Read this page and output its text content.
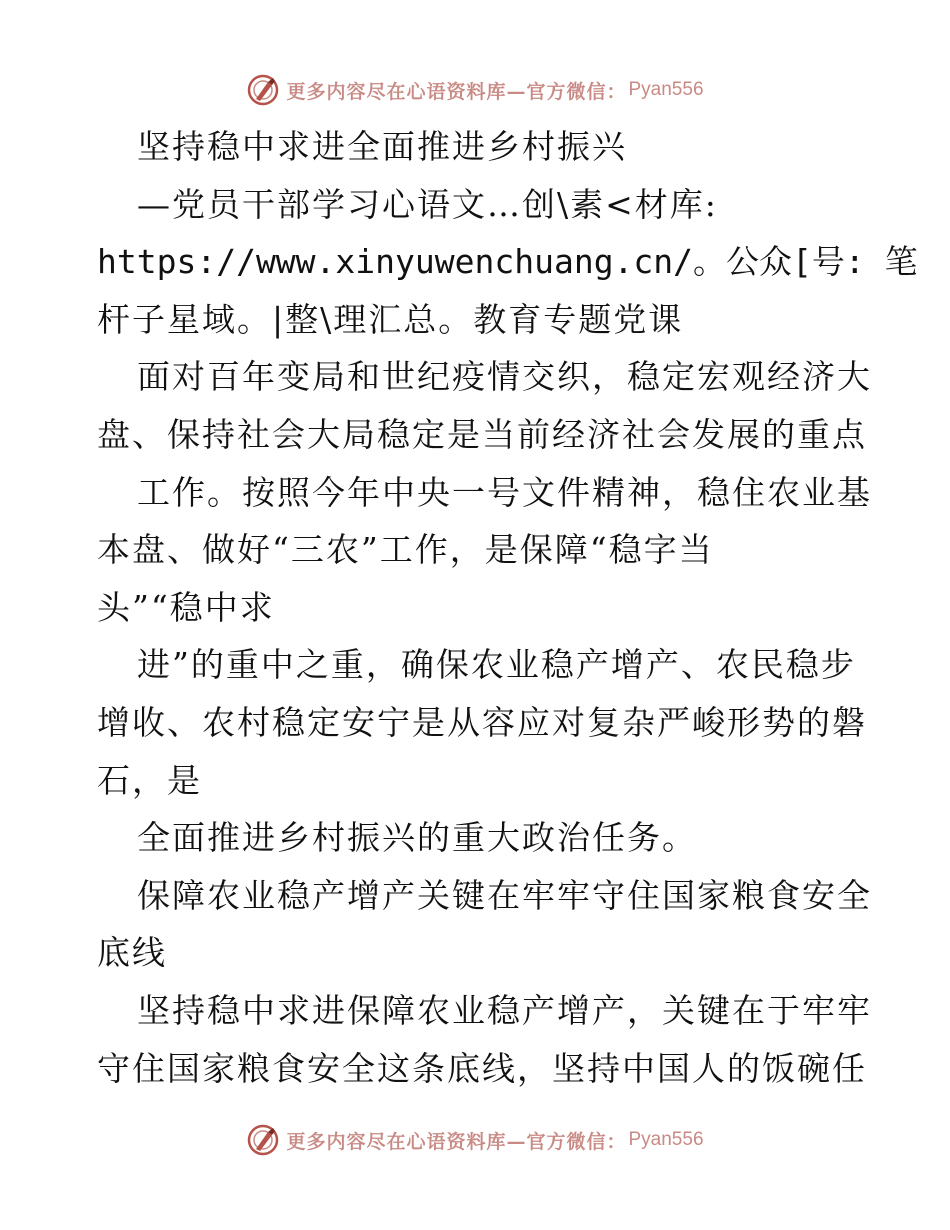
更多内容尽在心语资料库—官方微信： Pyan556

坚持稳中求进全面推进乡村振兴

—党员干部学习心语文…创\素<材库:

https://www.xinyuwenchuang.cn/。公众[号: 笔

杆子星域。|整\理汇总。教育专题党课

面对百年变局和世纪疫情交织，稳定宏观经济大

盘、保持社会大局稳定是当前经济社会发展的重点

工作。按照今年中央一号文件精神，稳住农业基

本盘、做好“三农”工作，是保障“稳字当

头”“稳中求

进”的重中之重，确保农业稳产增产、农民稳步

增收、农村稳定安宁是从容应对复杂严峻形势的磐

石，是

全面推进乡村振兴的重大政治任务。

保障农业稳产增产关键在牢牢守住国家粮食安全

底线

坚持稳中求进保障农业稳产增产，关键在于牢牢

守住国家粮食安全这条底线，坚持中国人的饭碗任

更多内容尽在心语资料库—官方微信： Pyan556
